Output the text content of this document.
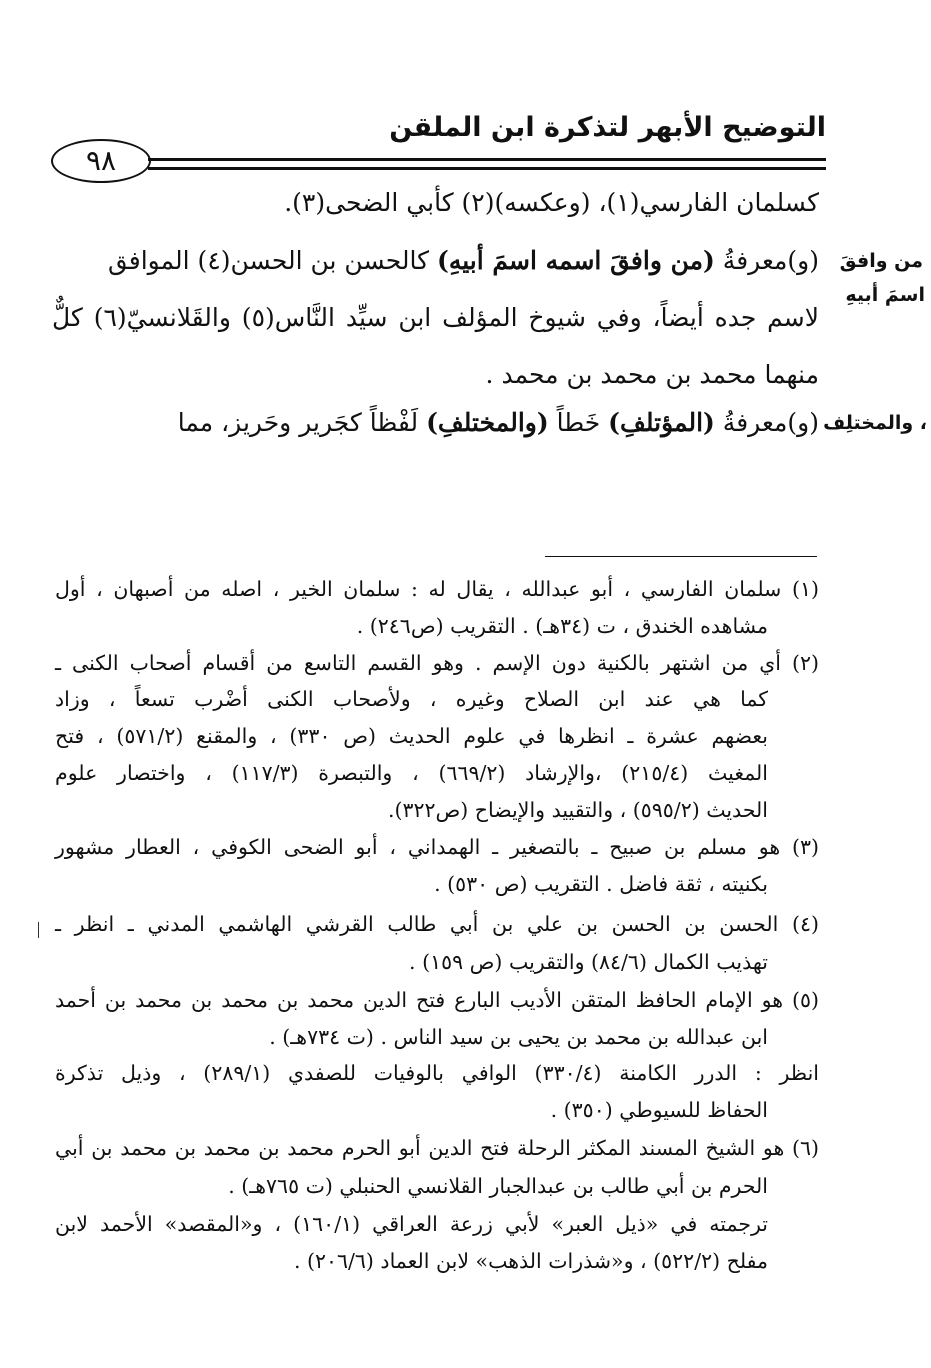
التوضيح الأبهر لتذكرة ابن الملقن
٩٨
من وافقَ
اسمَ أبيهِ
، والمختلِف
كسلمان الفارسي(١)، (وعكسه)(٢) كأبي الضحى(٣).
(و)معرفةُ (من وافقَ اسمه اسمَ أبيهِ) كالحسن بن الحسن(٤) الموافق
لاسم جده أيضاً، وفي شيوخ المؤلف ابن سيِّد النَّاس(٥) والقَلانسيّ(٦) كلٌّ
منهما محمد بن محمد بن محمد .
(و)معرفةُ (المؤتلفِ) خَطاً (والمختلفِ) لَفْظاً كجَرير وحَريز، مما
(١) سلمان الفارسي ، أبو عبدالله ، يقال له : سلمان الخير ، اصله من أصبهان ، أول
مشاهده الخندق ، ت (٣٤هـ) . التقريب (ص٢٤٦) .
(٢) أي من اشتهر بالكنية دون الإسم . وهو القسم التاسع من أقسام أصحاب الكنى ـ
كما هي عند ابن الصلاح وغيره ، ولأصحاب الكنى أضْرب تسعاً ، وزاد
بعضهم عشرة ـ انظرها في علوم الحديث (ص ٣٣٠) ، والمقنع (٥٧١/٢) ، فتح
المغيث (٢١٥/٤) ،والإرشاد (٦٦٩/٢) ، والتبصرة (١١٧/٣) ، واختصار علوم
الحديث (٥٩٥/٢) ، والتقييد والإيضاح (ص٣٢٢).
(٣) هو مسلم بن صبيح ـ بالتصغير ـ الهمداني ، أبو الضحى الكوفي ، العطار مشهور
بكنيته ، ثقة فاضل . التقريب (ص ٥٣٠) .
(٤) الحسن بن الحسن بن علي بن أبي طالب القرشي الهاشمي المدني ـ انظر ـ
تهذيب الكمال (٨٤/٦) والتقريب (ص ١٥٩) .
(٥) هو الإمام الحافظ المتقن الأديب البارع فتح الدين محمد بن محمد بن محمد بن أحمد
ابن عبدالله بن محمد بن يحيى بن سيد الناس . (ت ٧٣٤هـ) .
انظر : الدرر الكامنة (٣٣٠/٤) الوافي بالوفيات للصفدي (٢٨٩/١) ، وذيل تذكرة
الحفاظ للسيوطي (٣٥٠) .
(٦) هو الشيخ المسند المكثر الرحلة فتح الدين أبو الحرم محمد بن محمد بن محمد بن أبي
الحرم بن أبي طالب بن عبدالجبار القلانسي الحنبلي (ت ٧٦٥هـ) .
ترجمته في «ذيل العبر» لأبي زرعة العراقي (١٦٠/١) ، و«المقصد» الأحمد لابن
مفلح (٥٢٢/٢) ، و«شذرات الذهب» لابن العماد (٢٠٦/٦) .
